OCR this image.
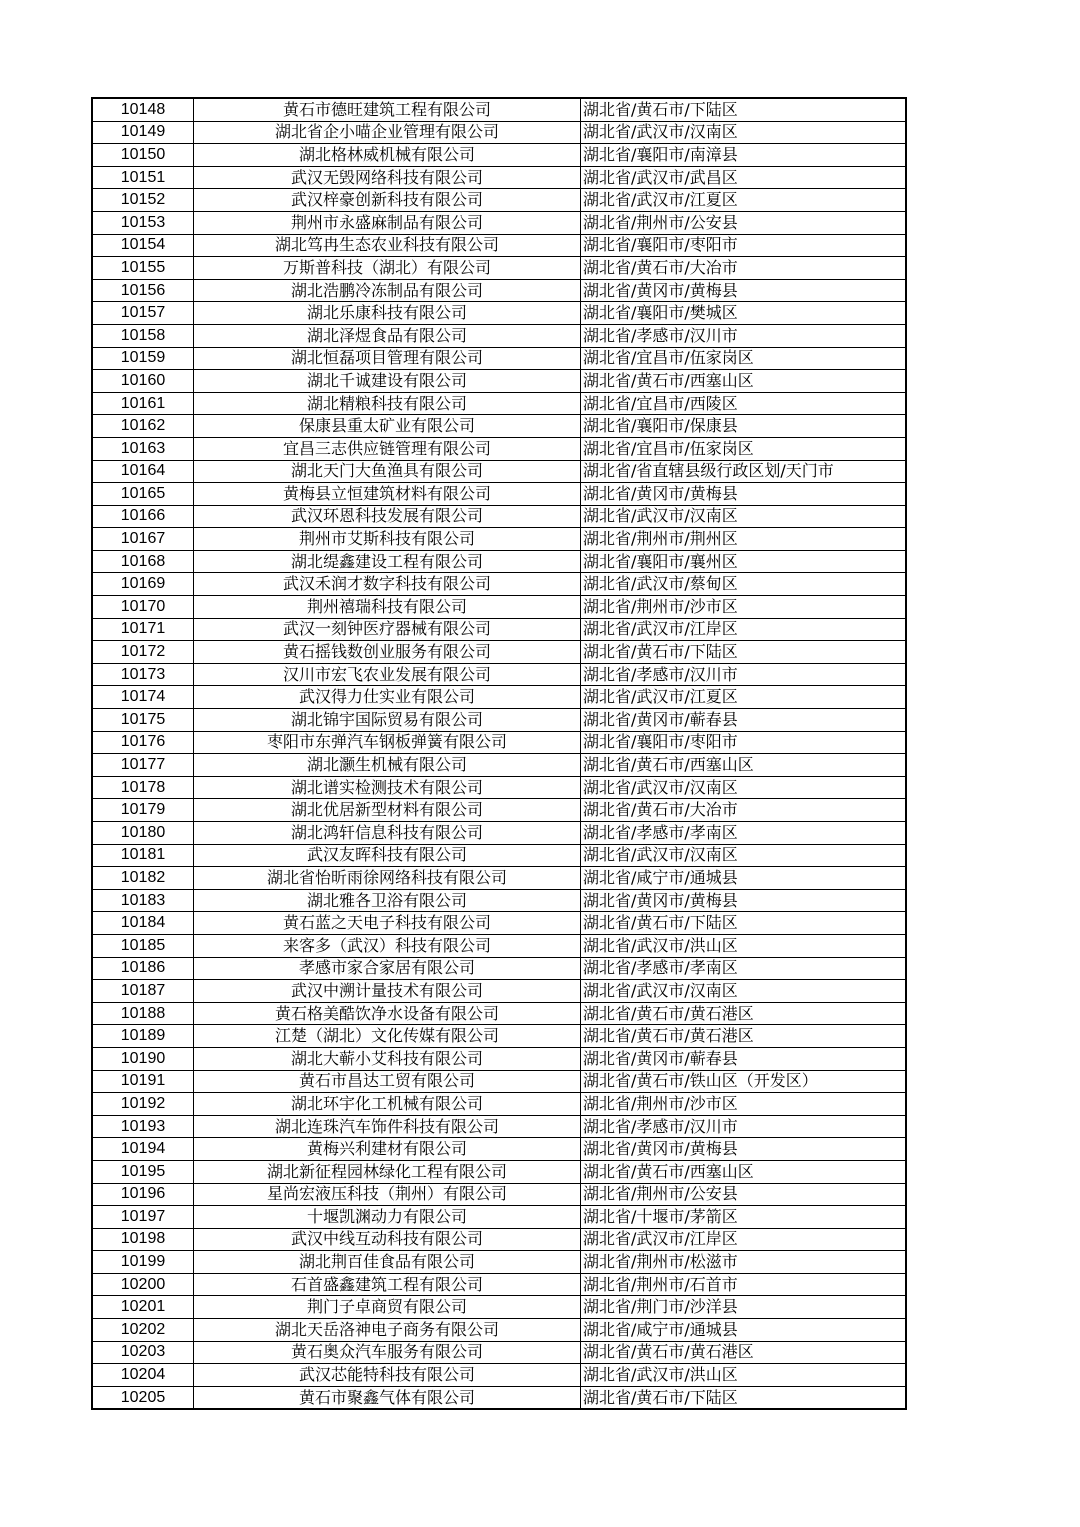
10148	黄石市德旺建筑工程有限公司	湖北省/黄石市/下陆区
10149	湖北省企小喵企业管理有限公司	湖北省/武汉市/汉南区
10150	湖北格林威机械有限公司	湖北省/襄阳市/南漳县
10151	武汉无毁网络科技有限公司	湖北省/武汉市/武昌区
10152	武汉梓豪创新科技有限公司	湖北省/武汉市/江夏区
10153	荆州市永盛麻制品有限公司	湖北省/荆州市/公安县
10154	湖北笃冉生态农业科技有限公司	湖北省/襄阳市/枣阳市
10155	万斯普科技（湖北）有限公司	湖北省/黄石市/大冶市
10156	湖北浩鹏冷冻制品有限公司	湖北省/黄冈市/黄梅县
10157	湖北乐康科技有限公司	湖北省/襄阳市/樊城区
10158	湖北泽煜食品有限公司	湖北省/孝感市/汉川市
10159	湖北恒磊项目管理有限公司	湖北省/宜昌市/伍家岗区
10160	湖北千诚建设有限公司	湖北省/黄石市/西塞山区
10161	湖北精粮科技有限公司	湖北省/宜昌市/西陵区
10162	保康县重太矿业有限公司	湖北省/襄阳市/保康县
10163	宜昌三志供应链管理有限公司	湖北省/宜昌市/伍家岗区
10164	湖北天门大鱼渔具有限公司	湖北省/省直辖县级行政区划/天门市
10165	黄梅县立恒建筑材料有限公司	湖北省/黄冈市/黄梅县
10166	武汉环恩科技发展有限公司	湖北省/武汉市/汉南区
10167	荆州市艾斯科技有限公司	湖北省/荆州市/荆州区
10168	湖北缇鑫建设工程有限公司	湖北省/襄阳市/襄州区
10169	武汉禾润才数字科技有限公司	湖北省/武汉市/蔡甸区
10170	荆州禧瑞科技有限公司	湖北省/荆州市/沙市区
10171	武汉一刻钟医疗器械有限公司	湖北省/武汉市/江岸区
10172	黄石摇钱数创业服务有限公司	湖北省/黄石市/下陆区
10173	汉川市宏飞农业发展有限公司	湖北省/孝感市/汉川市
10174	武汉得力仕实业有限公司	湖北省/武汉市/江夏区
10175	湖北锦宇国际贸易有限公司	湖北省/黄冈市/蕲春县
10176	枣阳市东弹汽车钢板弹簧有限公司	湖北省/襄阳市/枣阳市
10177	湖北灏生机械有限公司	湖北省/黄石市/西塞山区
10178	湖北谱实检测技术有限公司	湖北省/武汉市/汉南区
10179	湖北优居新型材料有限公司	湖北省/黄石市/大冶市
10180	湖北鸿轩信息科技有限公司	湖北省/孝感市/孝南区
10181	武汉友晖科技有限公司	湖北省/武汉市/汉南区
10182	湖北省怡昕雨徐网络科技有限公司	湖北省/咸宁市/通城县
10183	湖北雅各卫浴有限公司	湖北省/黄冈市/黄梅县
10184	黄石蓝之天电子科技有限公司	湖北省/黄石市/下陆区
10185	来客多（武汉）科技有限公司	湖北省/武汉市/洪山区
10186	孝感市家合家居有限公司	湖北省/孝感市/孝南区
10187	武汉中溯计量技术有限公司	湖北省/武汉市/汉南区
10188	黄石格美酷饮净水设备有限公司	湖北省/黄石市/黄石港区
10189	江楚（湖北）文化传媒有限公司	湖北省/黄石市/黄石港区
10190	湖北大蕲小艾科技有限公司	湖北省/黄冈市/蕲春县
10191	黄石市昌达工贸有限公司	湖北省/黄石市/铁山区（开发区）
10192	湖北环宇化工机械有限公司	湖北省/荆州市/沙市区
10193	湖北连珠汽车饰件科技有限公司	湖北省/孝感市/汉川市
10194	黄梅兴利建材有限公司	湖北省/黄冈市/黄梅县
10195	湖北新征程园林绿化工程有限公司	湖北省/黄石市/西塞山区
10196	星尚宏液压科技（荆州）有限公司	湖北省/荆州市/公安县
10197	十堰凯渊动力有限公司	湖北省/十堰市/茅箭区
10198	武汉中线互动科技有限公司	湖北省/武汉市/江岸区
10199	湖北荆百佳食品有限公司	湖北省/荆州市/松滋市
10200	石首盛鑫建筑工程有限公司	湖北省/荆州市/石首市
10201	荆门子卓商贸有限公司	湖北省/荆门市/沙洋县
10202	湖北天岳洛神电子商务有限公司	湖北省/咸宁市/通城县
10203	黄石奥众汽车服务有限公司	湖北省/黄石市/黄石港区
10204	武汉芯能特科技有限公司	湖北省/武汉市/洪山区
10205	黄石市聚鑫气体有限公司	湖北省/黄石市/下陆区
